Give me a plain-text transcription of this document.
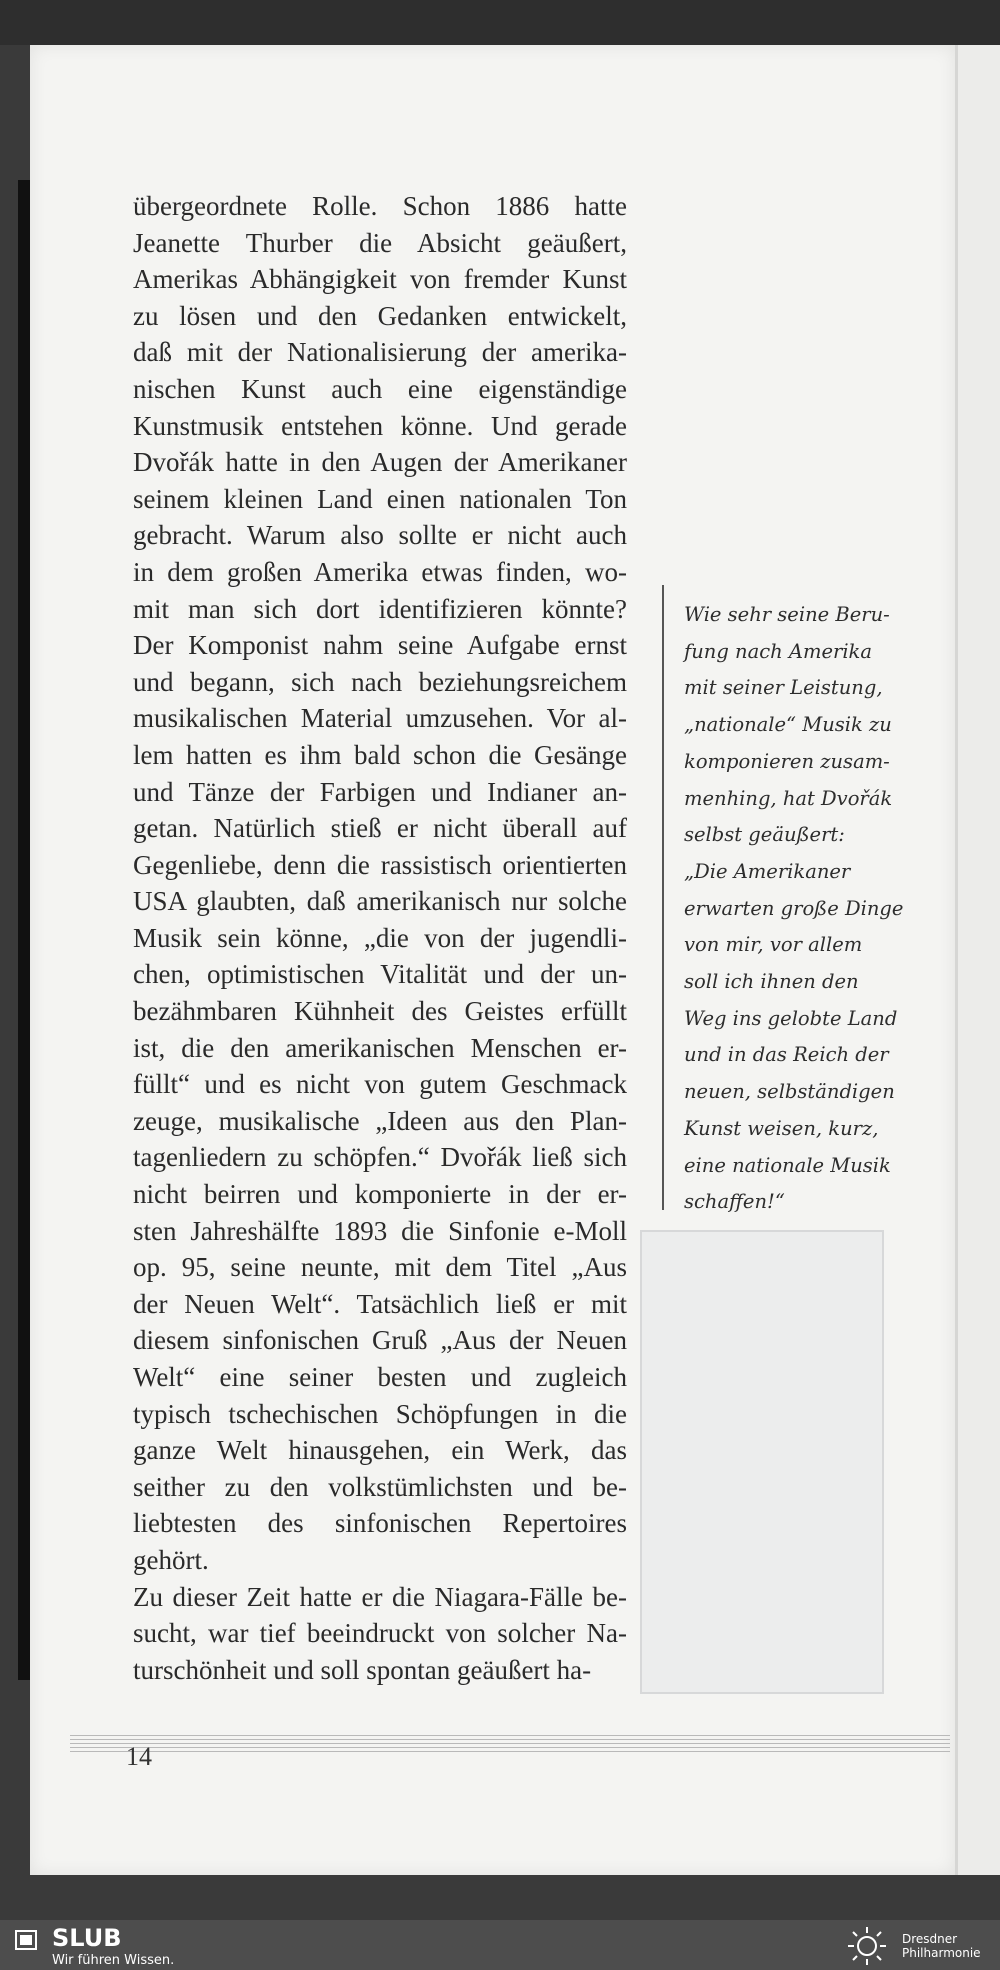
übergeordnete Rolle. Schon 1886 hatte
Jeanette Thurber die Absicht geäußert,
Amerikas Abhängigkeit von fremder Kunst
zu lösen und den Gedanken entwickelt,
daß mit der Nationalisierung der amerika-
nischen Kunst auch eine eigenständige
Kunstmusik entstehen könne. Und gerade
Dvořák hatte in den Augen der Amerikaner
seinem kleinen Land einen nationalen Ton
gebracht. Warum also sollte er nicht auch
in dem großen Amerika etwas finden, wo-
mit man sich dort identifizieren könnte?
Der Komponist nahm seine Aufgabe ernst
und begann, sich nach beziehungsreichem
musikalischen Material umzusehen. Vor al-
lem hatten es ihm bald schon die Gesänge
und Tänze der Farbigen und Indianer an-
getan. Natürlich stieß er nicht überall auf
Gegenliebe, denn die rassistisch orientierten
USA glaubten, daß amerikanisch nur solche
Musik sein könne, „die von der jugendli-
chen, optimistischen Vitalität und der un-
bezähmbaren Kühnheit des Geistes erfüllt
ist, die den amerikanischen Menschen er-
füllt“ und es nicht von gutem Geschmack
zeuge, musikalische „Ideen aus den Plan-
tagenliedern zu schöpfen.“ Dvořák ließ sich
nicht beirren und komponierte in der er-
sten Jahreshälfte 1893 die Sinfonie e-Moll
op. 95, seine neunte, mit dem Titel „Aus
der Neuen Welt“. Tatsächlich ließ er mit
diesem sinfonischen Gruß „Aus der Neuen
Welt“ eine seiner besten und zugleich
typisch tschechischen Schöpfungen in die
ganze Welt hinausgehen, ein Werk, das
seither zu den volkstümlichsten und be-
liebtesten des sinfonischen Repertoires
gehört.
Zu dieser Zeit hatte er die Niagara-Fälle be-
sucht, war tief beeindruckt von solcher Na-
turschönheit und soll spontan geäußert ha-
Wie sehr seine Beru-
fung nach Amerika
mit seiner Leistung,
„nationale“ Musik zu
komponieren zusam-
menhing, hat Dvořák
selbst geäußert:
„Die Amerikaner
erwarten große Dinge
von mir, vor allem
soll ich ihnen den
Weg ins gelobte Land
und in das Reich der
neuen, selbständigen
Kunst weisen, kurz,
eine nationale Musik
schaffen!“
14
SLUB
Wir führen Wissen.
Dresdner
Philharmonie
